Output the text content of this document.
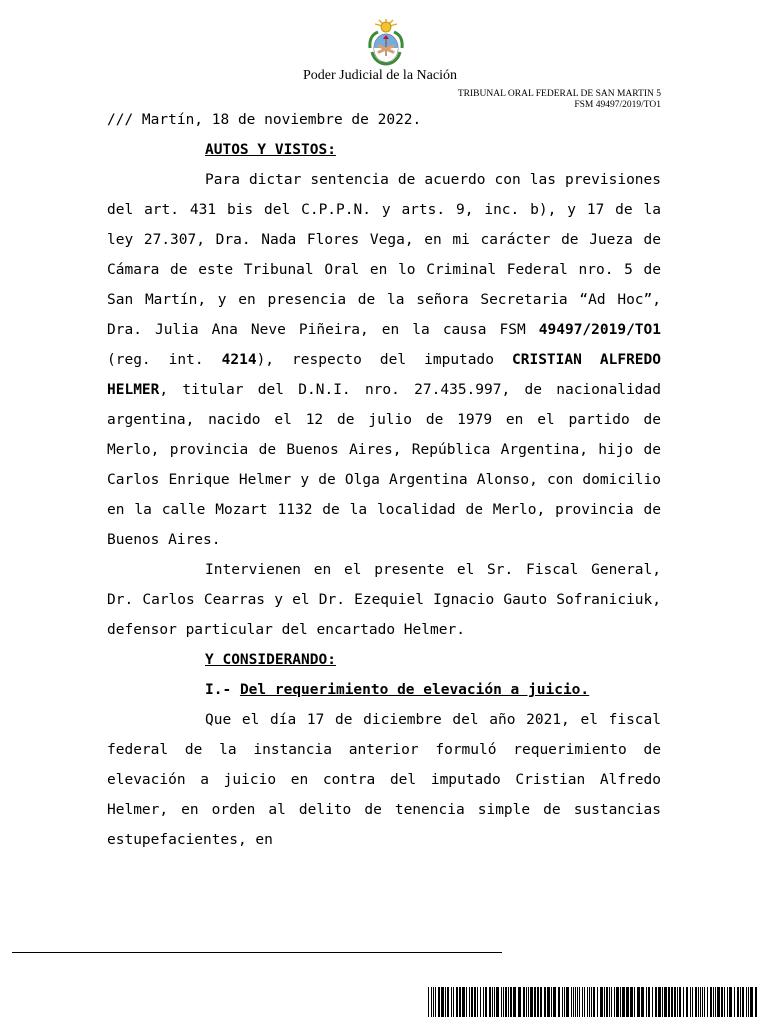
Poder Judicial de la Nación
TRIBUNAL ORAL FEDERAL DE SAN MARTIN 5
FSM 49497/2019/TO1

/// Martín, 18 de noviembre de 2022.

AUTOS Y VISTOS:

Para dictar sentencia de acuerdo con las previsiones del art. 431 bis del C.P.P.N. y arts. 9, inc. b), y 17 de la ley 27.307, Dra. Nada Flores Vega, en mi carácter de Jueza de Cámara de este Tribunal Oral en lo Criminal Federal nro. 5 de San Martín, y en presencia de la señora Secretaria “Ad Hoc”, Dra. Julia Ana Neve Piñeira, en la causa FSM 49497/2019/TO1 (reg. int. 4214), respecto del imputado CRISTIAN ALFREDO HELMER, titular del D.N.I. nro. 27.435.997, de nacionalidad argentina, nacido el 12 de julio de 1979 en el partido de Merlo, provincia de Buenos Aires, República Argentina, hijo de Carlos Enrique Helmer y de Olga Argentina Alonso, con domicilio en la calle Mozart 1132 de la localidad de Merlo, provincia de Buenos Aires.

Intervienen en el presente el Sr. Fiscal General, Dr. Carlos Cearras y el Dr. Ezequiel Ignacio Gauto Sofraniciuk, defensor particular del encartado Helmer.

Y CONSIDERANDO:

I.- Del requerimiento de elevación a juicio.

Que el día 17 de diciembre del año 2021, el fiscal federal de la instancia anterior formuló requerimiento de elevación a juicio en contra del imputado Cristian Alfredo Helmer, en orden al delito de tenencia simple de sustancias estupefacientes, en
